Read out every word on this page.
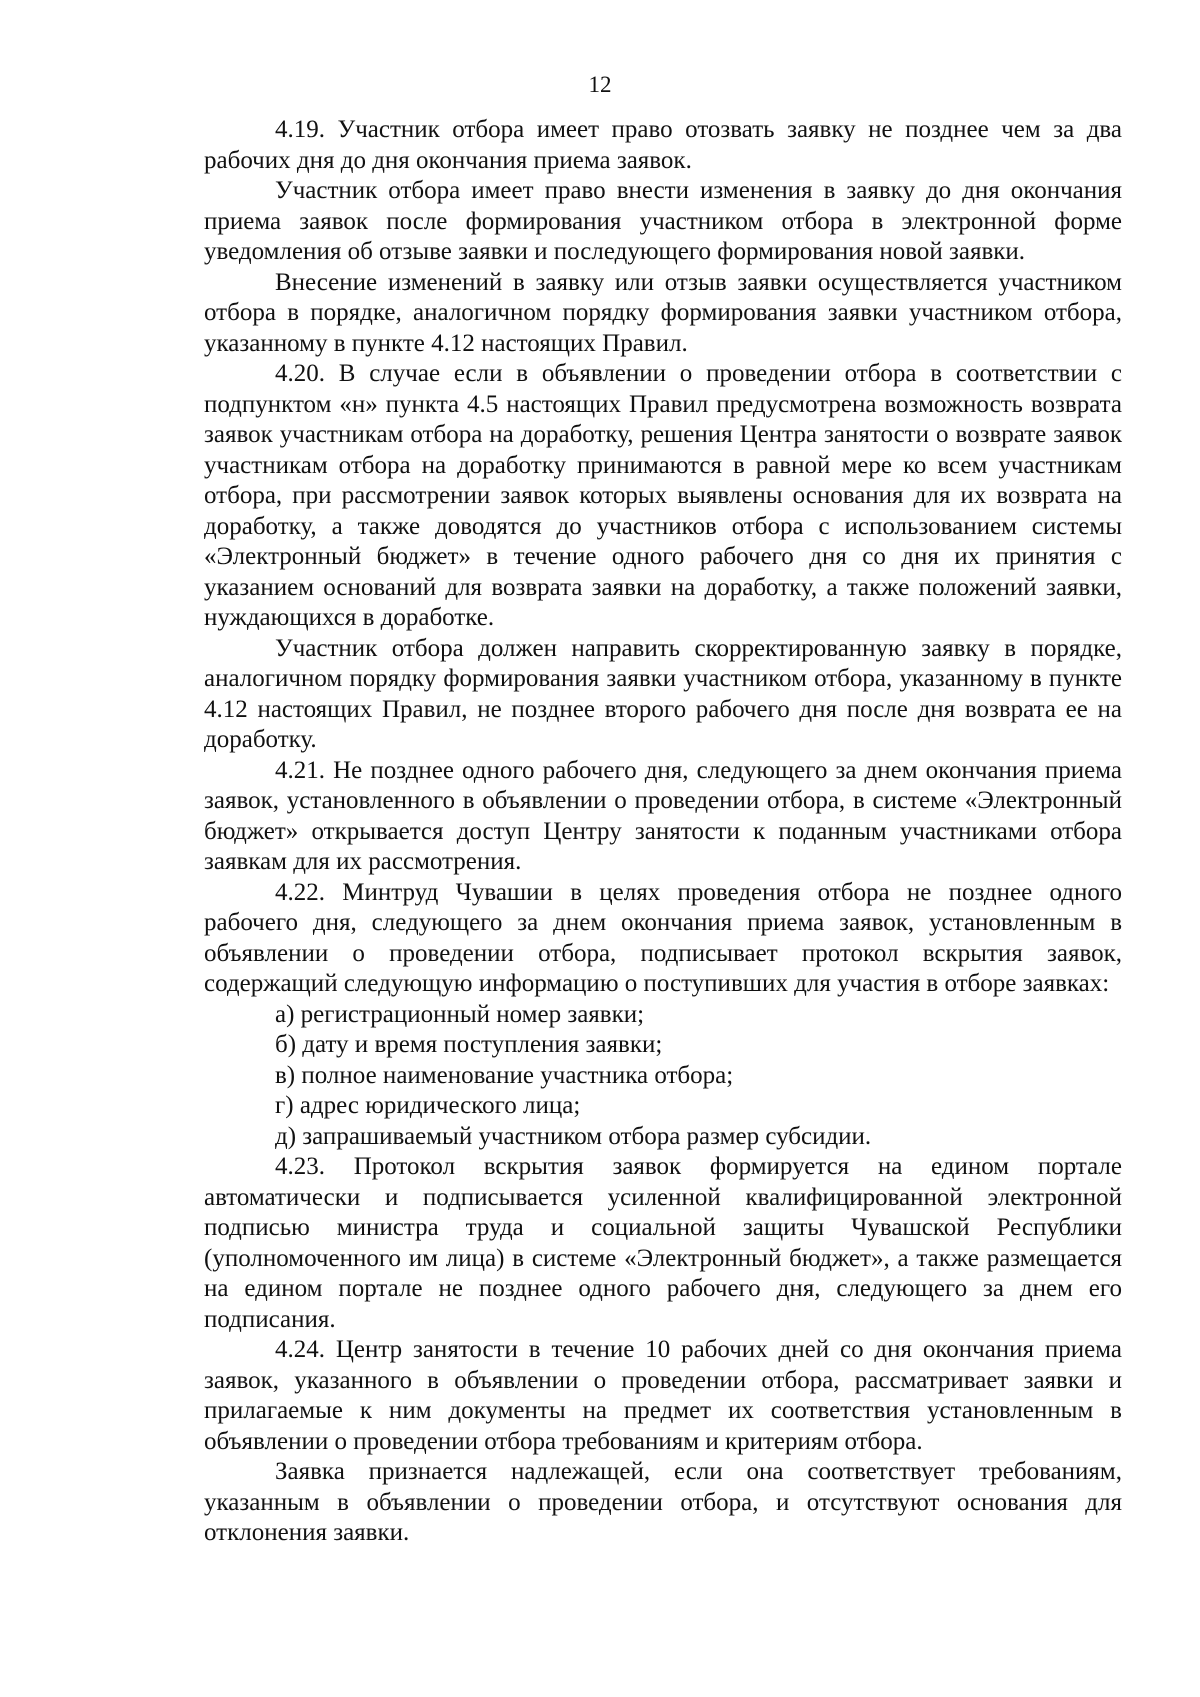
12

4.19. Участник отбора имеет право отозвать заявку не позднее чем за два рабочих дня до дня окончания приема заявок.

Участник отбора имеет право внести изменения в заявку до дня окончания приема заявок после формирования участником отбора в электронной форме уведомления об отзыве заявки и последующего формирования новой заявки.

Внесение изменений в заявку или отзыв заявки осуществляется участником отбора в порядке, аналогичном порядку формирования заявки участником отбора, указанному в пункте 4.12 настоящих Правил.

4.20. В случае если в объявлении о проведении отбора в соответствии с подпунктом «н» пункта 4.5 настоящих Правил предусмотрена возможность возврата заявок участникам отбора на доработку, решения Центра занятости о возврате заявок участникам отбора на доработку принимаются в равной мере ко всем участникам отбора, при рассмотрении заявок которых выявлены основания для их возврата на доработку, а также доводятся до участников отбора с использованием системы «Электронный бюджет» в течение одного рабочего дня со дня их принятия с указанием оснований для возврата заявки на доработку, а также положений заявки, нуждающихся в доработке.

Участник отбора должен направить скорректированную заявку в порядке, аналогичном порядку формирования заявки участником отбора, указанному в пункте 4.12 настоящих Правил, не позднее второго рабочего дня после дня возврата ее на доработку.

4.21. Не позднее одного рабочего дня, следующего за днем окончания приема заявок, установленного в объявлении о проведении отбора, в системе «Электронный бюджет» открывается доступ Центру занятости к поданным участниками отбора заявкам для их рассмотрения.

4.22. Минтруд Чувашии в целях проведения отбора не позднее одного рабочего дня, следующего за днем окончания приема заявок, установленным в объявлении о проведении отбора, подписывает протокол вскрытия заявок, содержащий следующую информацию о поступивших для участия в отборе заявках:

а) регистрационный номер заявки;

б) дату и время поступления заявки;

в) полное наименование участника отбора;

г) адрес юридического лица;

д) запрашиваемый участником отбора размер субсидии.

4.23. Протокол вскрытия заявок формируется на едином портале автоматически и подписывается усиленной квалифицированной электронной подписью министра труда и социальной защиты Чувашской Республики (уполномоченного им лица) в системе «Электронный бюджет», а также размещается на едином портале не позднее одного рабочего дня, следующего за днем его подписания.

4.24. Центр занятости в течение 10 рабочих дней со дня окончания приема заявок, указанного в объявлении о проведении отбора, рассматривает заявки и прилагаемые к ним документы на предмет их соответствия установленным в объявлении о проведении отбора требованиям и критериям отбора.

Заявка признается надлежащей, если она соответствует требованиям, указанным в объявлении о проведении отбора, и отсутствуют основания для отклонения заявки.
